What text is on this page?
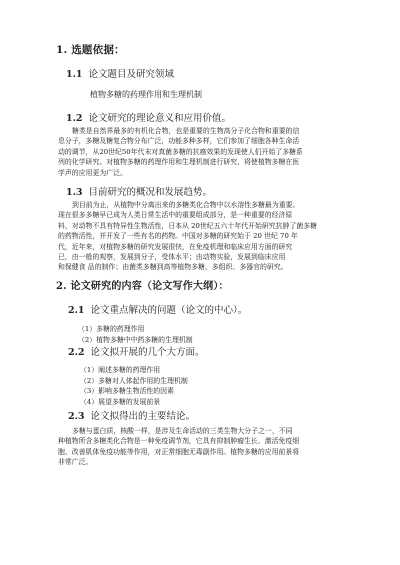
1. 选题依据：
1.1 论文题目及研究领域
植物多糖的药理作用和生理机制
1.2 论文研究的理论意义和应用价值。
糖类是自然界最多的有机化合物，也是重要的生物高分子化合物和重要的信
息分子，多糖及糖复合物分布广泛，功能多种多样，它们参加了细胞各种生命活
动的调节，从20世纪50年代末对真菌多糖的抗癌效果的发现使人们开始了多糖系
列的化学研究。对植物多糖的药理作用和生理机制进行研究，将使植物多糖在医
学声的应用更为广泛。
1.3 目前研究的概况和发展趋势。
到目前为止，从植物中分离出来的多糖类化合物中以水溶性多糖最为重要。
现在很多多糖早已成为人类日常生活中的重要组成部分，是一种重要的经济原
料，对动物不具有特异性生物活性，日本从 20世纪五六十年代开始研究抗肿了菌多糖
的药物活性，并开发了一些有名的药物。中国对多糖的研究始于 20 世纪 70 年
代，近年来，对植物多糖的研究发展很快，在免疫机理和临床应用方面的研究
已，由一般的观察，发展到分子，受体水平；由动物实验，发展到临床应用
和保健食 品的制作；由菌类多糖到高等植物多糖，多组织、多器官的研究。
2. 论文研究的内容（论文写作大纲）：
2.1 论文重点解决的问题（论文的中心）。
（1）多糖的药理作用
（2）植物多糖中中药多糖的生理机制
2.2 论文拟开展的几个大方面。
（1）阐述多糖的药理作用
（2）多糖对人体起作用的生理机制
（3）影响多糖生物活性的因素
（4）展望多糖的发展前景
2.3 论文拟得出的主要结论。
多糖与蛋白质，核酸一样，是涉及生命活动的三类生物大分子之一，不同
种植物所含多糖类化合物是一种免疫调节剂，它具有抑制肿瘤生长、激活免疫细
胞、改善肌体免疫功能等作用，对正常细胞无毒副作用。植物多糖的应用前景将
非常广泛。
